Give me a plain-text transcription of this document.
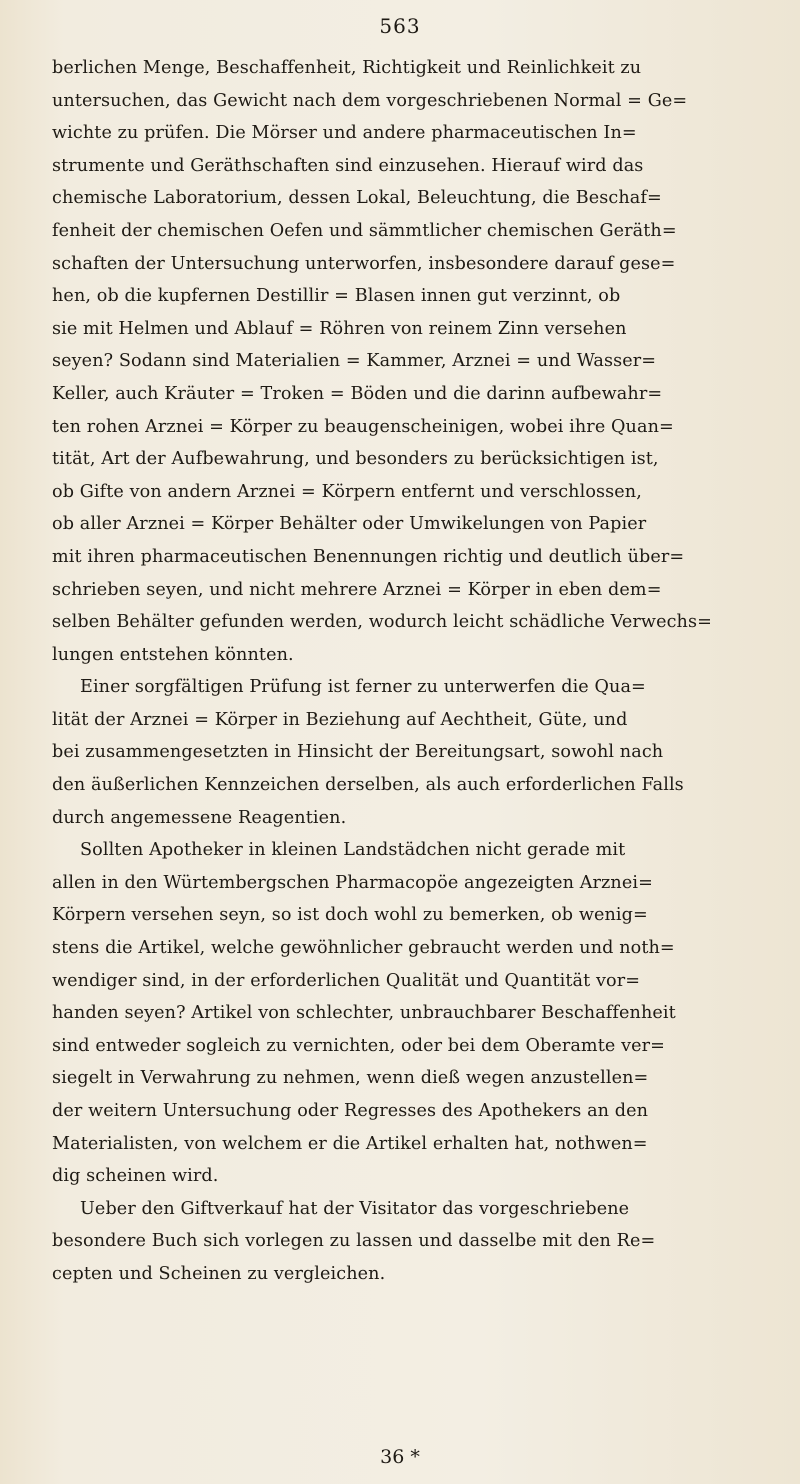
563
berlichen Menge, Beschaffenheit, Richtigkeit und Reinlichkeit zu
untersuchen, das Gewicht nach dem vorgeschriebenen Normal = Ge=
wichte zu prüfen. Die Mörser und andere pharmaceutischen In=
strumente und Geräthschaften sind einzusehen. Hierauf wird das
chemische Laboratorium, dessen Lokal, Beleuchtung, die Beschaf=
fenheit der chemischen Oefen und sämmtlicher chemischen Geräth=
schaften der Untersuchung unterworfen, insbesondere darauf gese=
hen, ob die kupfernen Destillir = Blasen innen gut verzinnt, ob
sie mit Helmen und Ablauf = Röhren von reinem Zinn versehen
seyen? Sodann sind Materialien = Kammer, Arznei = und Wasser=
Keller, auch Kräuter = Troken = Böden und die darinn aufbewahr=
ten rohen Arznei = Körper zu beaugenscheinigen, wobei ihre Quan=
tität, Art der Aufbewahrung, und besonders zu berücksichtigen ist,
ob Gifte von andern Arznei = Körpern entfernt und verschlossen,
ob aller Arznei = Körper Behälter oder Umwikelungen von Papier
mit ihren pharmaceutischen Benennungen richtig und deutlich über=
schrieben seyen, und nicht mehrere Arznei = Körper in eben dem=
selben Behälter gefunden werden, wodurch leicht schädliche Verwechs=
lungen entstehen könnten.
Einer sorgfältigen Prüfung ist ferner zu unterwerfen die Qua=
lität der Arznei = Körper in Beziehung auf Aechtheit, Güte, und
bei zusammengesetzten in Hinsicht der Bereitungsart, sowohl nach
den äußerlichen Kennzeichen derselben, als auch erforderlichen Falls
durch angemessene Reagentien.
Sollten Apotheker in kleinen Landstädchen nicht gerade mit
allen in den Würtembergschen Pharmacopöe angezeigten Arznei=
Körpern versehen seyn, so ist doch wohl zu bemerken, ob wenig=
stens die Artikel, welche gewöhnlicher gebraucht werden und noth=
wendiger sind, in der erforderlichen Qualität und Quantität vor=
handen seyen? Artikel von schlechter, unbrauchbarer Beschaffenheit
sind entweder sogleich zu vernichten, oder bei dem Oberamte ver=
siegelt in Verwahrung zu nehmen, wenn dieß wegen anzustellen=
der weitern Untersuchung oder Regresses des Apothekers an den
Materialisten, von welchem er die Artikel erhalten hat, nothwen=
dig scheinen wird.
Ueber den Giftverkauf hat der Visitator das vorgeschriebene
besondere Buch sich vorlegen zu lassen und dasselbe mit den Re=
cepten und Scheinen zu vergleichen.
36 *
